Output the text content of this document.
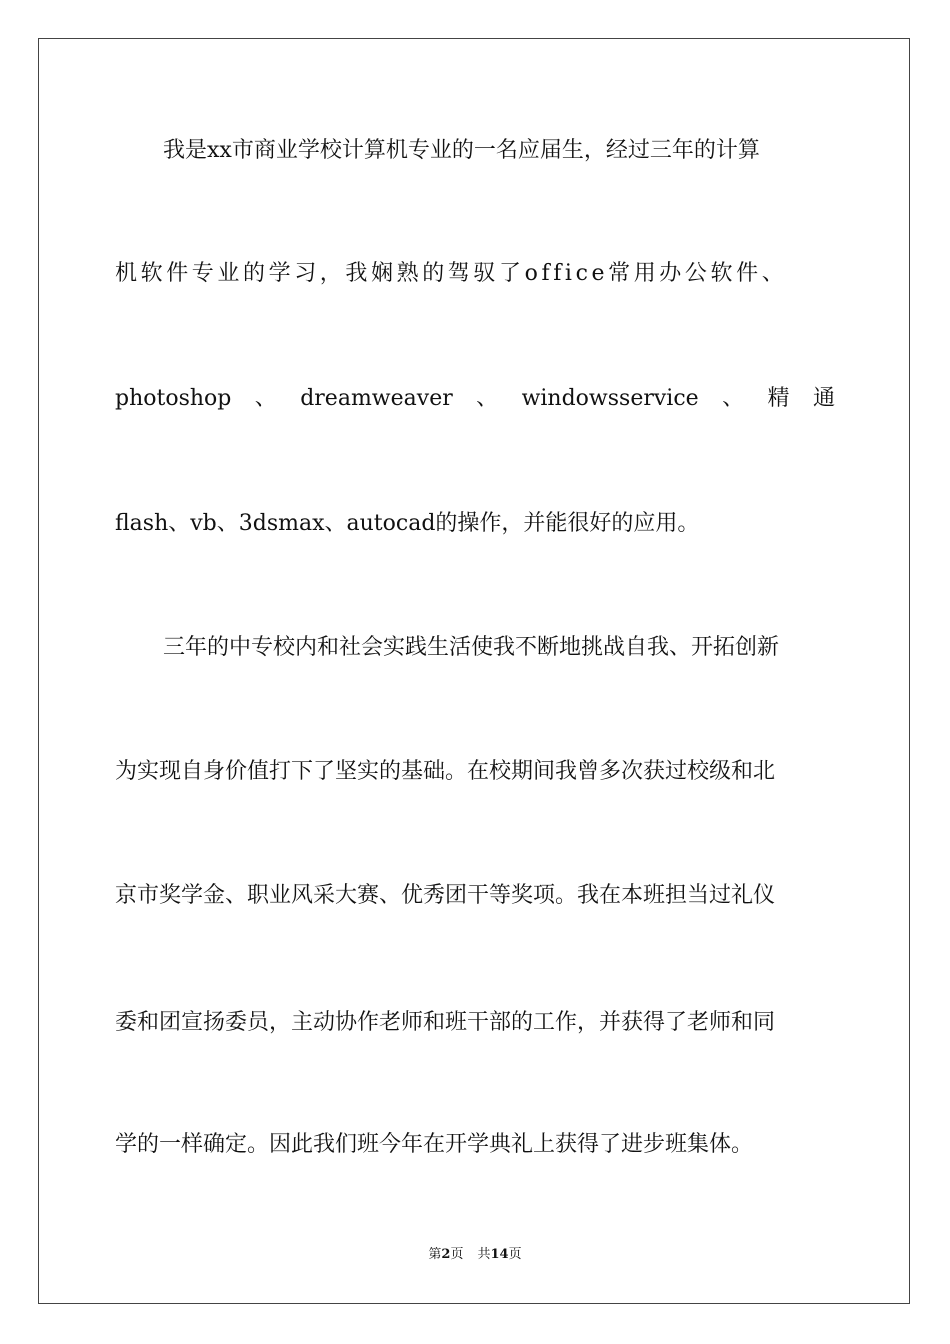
我是xx市商业学校计算机专业的一名应届生，经过三年的计算
机软件专业的学习，我娴熟的驾驭了office常用办公软件、
photoshop 、 dreamweaver 、 windowsservice 、 精 通
flash、vb、3dsmax、autocad的操作，并能很好的应用。
三年的中专校内和社会实践生活使我不断地挑战自我、开拓创新
为实现自身价值打下了坚实的基础。在校期间我曾多次获过校级和北
京市奖学金、职业风采大赛、优秀团干等奖项。我在本班担当过礼仪
委和团宣扬委员，主动协作老师和班干部的工作，并获得了老师和同
学的一样确定。因此我们班今年在开学典礼上获得了进步班集体。
第2页 共14页
